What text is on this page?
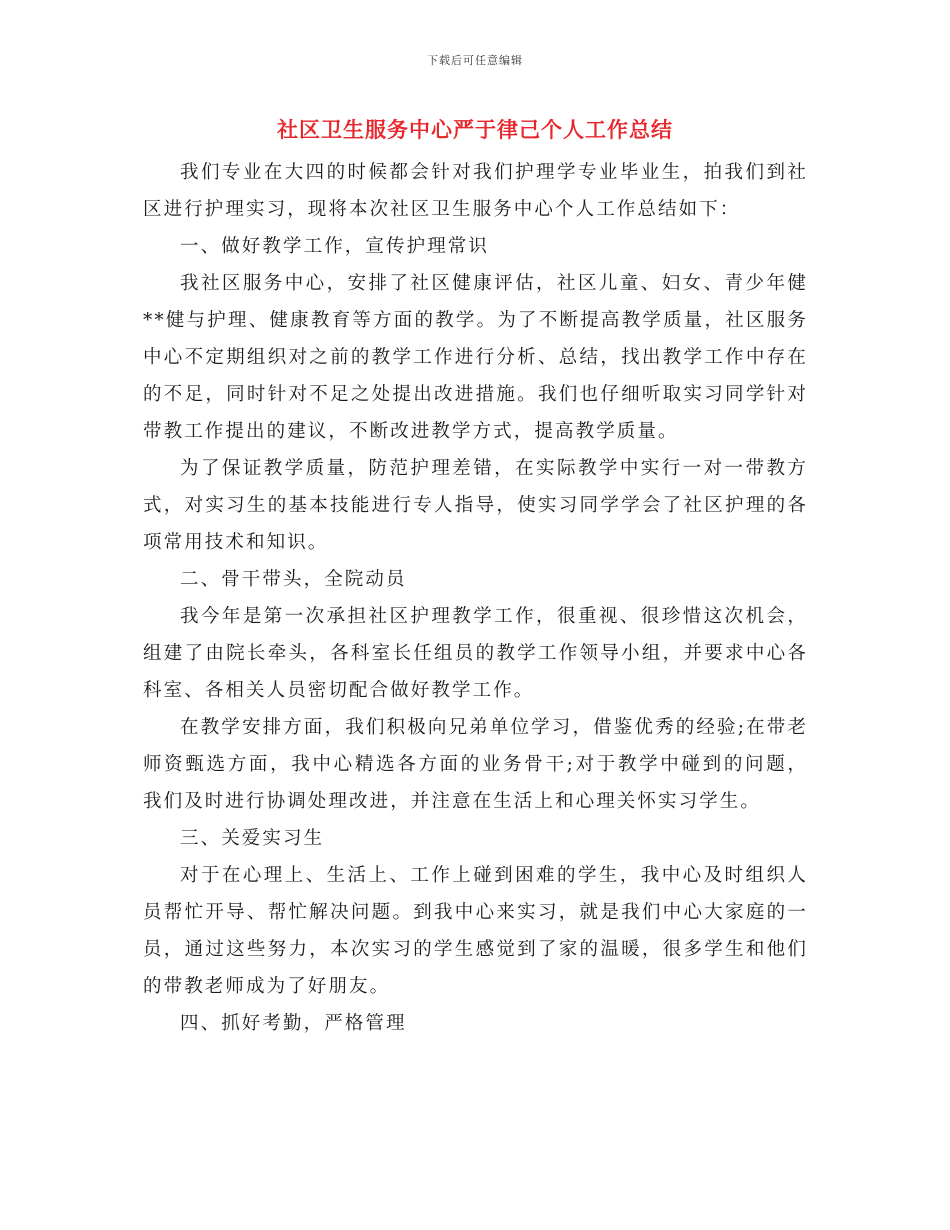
下载后可任意编辑
社区卫生服务中心严于律己个人工作总结

我们专业在大四的时候都会针对我们护理学专业毕业生，拍我们到社区进行护理实习，现将本次社区卫生服务中心个人工作总结如下：

一、做好教学工作，宣传护理常识

我社区服务中心，安排了社区健康评估，社区儿童、妇女、青少年健**健与护理、健康教育等方面的教学。为了不断提高教学质量，社区服务中心不定期组织对之前的教学工作进行分析、总结，找出教学工作中存在的不足，同时针对不足之处提出改进措施。我们也仔细听取实习同学针对带教工作提出的建议，不断改进教学方式，提高教学质量。

为了保证教学质量，防范护理差错，在实际教学中实行一对一带教方式，对实习生的基本技能进行专人指导，使实习同学学会了社区护理的各项常用技术和知识。

二、骨干带头，全院动员

我今年是第一次承担社区护理教学工作，很重视、很珍惜这次机会，组建了由院长牵头，各科室长任组员的教学工作领导小组，并要求中心各科室、各相关人员密切配合做好教学工作。

在教学安排方面，我们积极向兄弟单位学习，借鉴优秀的经验;在带老师资甄选方面，我中心精选各方面的业务骨干;对于教学中碰到的问题，我们及时进行协调处理改进，并注意在生活上和心理关怀实习学生。

三、关爱实习生

对于在心理上、生活上、工作上碰到困难的学生，我中心及时组织人员帮忙开导、帮忙解决问题。到我中心来实习，就是我们中心大家庭的一员，通过这些努力，本次实习的学生感觉到了家的温暖，很多学生和他们的带教老师成为了好朋友。

四、抓好考勤，严格管理
